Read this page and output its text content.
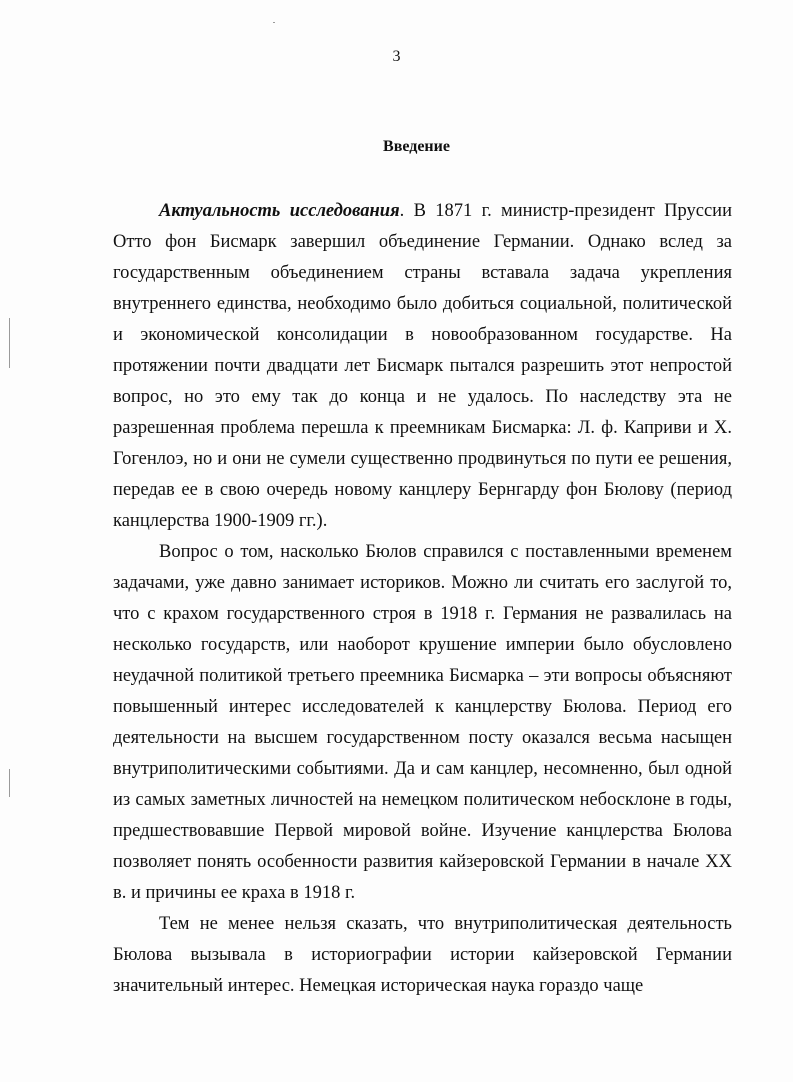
3
Введение

Актуальность исследования. В 1871 г. министр-президент Пруссии Отто фон Бисмарк завершил объединение Германии. Однако вслед за государственным объединением страны вставала задача укрепления внутреннего единства, необходимо было добиться социальной, политической и экономической консолидации в новообразованном государстве. На протяжении почти двадцати лет Бисмарк пытался разрешить этот непростой вопрос, но это ему так до конца и не удалось. По наследству эта не разрешенная проблема перешла к преемникам Бисмарка: Л. ф. Каприви и Х. Гогенлоэ, но и они не сумели существенно продвинуться по пути ее решения, передав ее в свою очередь новому канцлеру Бернгарду фон Бюлову (период канцлерства 1900-1909 гг.).

Вопрос о том, насколько Бюлов справился с поставленными временем задачами, уже давно занимает историков. Можно ли считать его заслугой то, что с крахом государственного строя в 1918 г. Германия не развалилась на несколько государств, или наоборот крушение империи было обусловлено неудачной политикой третьего преемника Бисмарка – эти вопросы объясняют повышенный интерес исследователей к канцлерству Бюлова. Период его деятельности на высшем государственном посту оказался весьма насыщен внутриполитическими событиями. Да и сам канцлер, несомненно, был одной из самых заметных личностей на немецком политическом небосклоне в годы, предшествовавшие Первой мировой войне. Изучение канцлерства Бюлова позволяет понять особенности развития кайзеровской Германии в начале XX в. и причины ее краха в 1918 г.

Тем не менее нельзя сказать, что внутриполитическая деятельность Бюлова вызывала в историографии истории кайзеровской Германии значительный интерес. Немецкая историческая наука гораздо чаще
